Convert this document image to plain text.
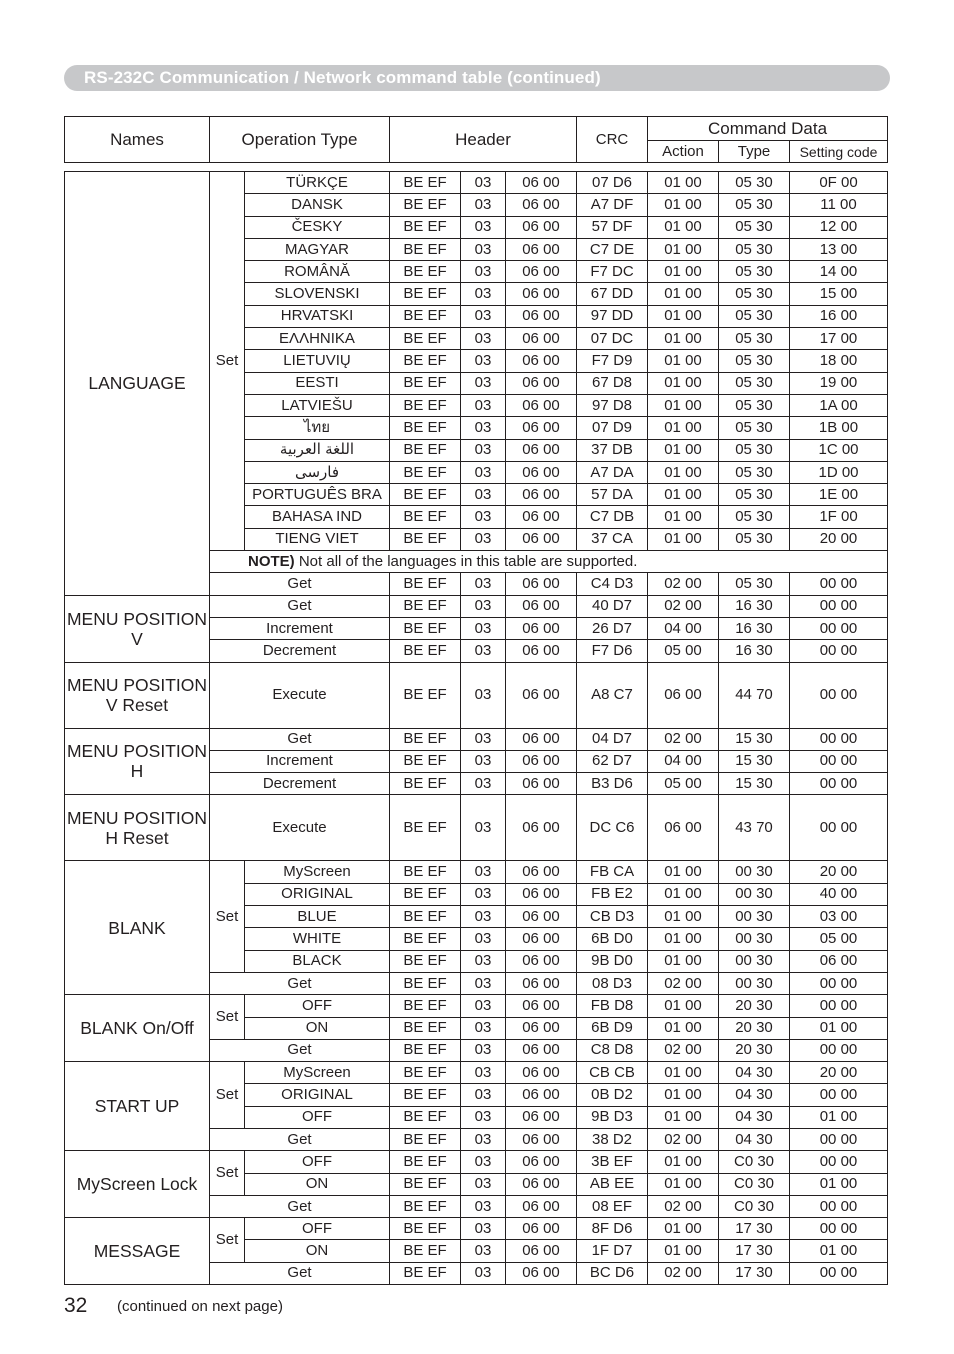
RS-232C Communication / Network command table (continued)
Names	Operation Type	Header	CRC	Command Data		
				Action	Type	Setting code
LANGUAGE	Set	TÜRKÇE	BE EF	03	06 00	07 D6	01 00	05 30	0F 00
		DANSK	BE EF	03	06 00	A7 DF	01 00	05 30	11 00
		ČESKY	BE EF	03	06 00	57 DF	01 00	05 30	12 00
		MAGYAR	BE EF	03	06 00	C7 DE	01 00	05 30	13 00
		ROMÂNĂ	BE EF	03	06 00	F7 DC	01 00	05 30	14 00
		SLOVENSKI	BE EF	03	06 00	67 DD	01 00	05 30	15 00
		HRVATSKI	BE EF	03	06 00	97 DD	01 00	05 30	16 00
		ΕΛΛΗΝΙΚΑ	BE EF	03	06 00	07 DC	01 00	05 30	17 00
		LIETUVIŲ	BE EF	03	06 00	F7 D9	01 00	05 30	18 00
		EESTI	BE EF	03	06 00	67 D8	01 00	05 30	19 00
		LATVIEŠU	BE EF	03	06 00	97 D8	01 00	05 30	1A 00
		ไทย	BE EF	03	06 00	07 D9	01 00	05 30	1B 00
		اللغة العربية	BE EF	03	06 00	37 DB	01 00	05 30	1C 00
		فارسی	BE EF	03	06 00	A7 DA	01 00	05 30	1D 00
		PORTUGUÊS BRA	BE EF	03	06 00	57 DA	01 00	05 30	1E 00
		BAHASA IND	BE EF	03	06 00	C7 DB	01 00	05 30	1F 00
		TIENG VIET	BE EF	03	06 00	37 CA	01 00	05 30	20 00
	NOTE) Not all of the languages in this table are supported.								
	Get		BE EF	03	06 00	C4 D3	02 00	05 30	00 00
MENU POSITION V	Get		BE EF	03	06 00	40 D7	02 00	16 30	00 00
	Increment		BE EF	03	06 00	26 D7	04 00	16 30	00 00
	Decrement		BE EF	03	06 00	F7 D6	05 00	16 30	00 00
MENU POSITION V Reset	Execute		BE EF	03	06 00	A8 C7	06 00	44 70	00 00
MENU POSITION H	Get		BE EF	03	06 00	04 D7	02 00	15 30	00 00
	Increment		BE EF	03	06 00	62 D7	04 00	15 30	00 00
	Decrement		BE EF	03	06 00	B3 D6	05 00	15 30	00 00
MENU POSITION H Reset	Execute		BE EF	03	06 00	DC C6	06 00	43 70	00 00
BLANK	Set	MyScreen	BE EF	03	06 00	FB CA	01 00	00 30	20 00
		ORIGINAL	BE EF	03	06 00	FB E2	01 00	00 30	40 00
		BLUE	BE EF	03	06 00	CB D3	01 00	00 30	03 00
		WHITE	BE EF	03	06 00	6B D0	01 00	00 30	05 00
		BLACK	BE EF	03	06 00	9B D0	01 00	00 30	06 00
	Get		BE EF	03	06 00	08 D3	02 00	00 30	00 00
BLANK On/Off	Set	OFF	BE EF	03	06 00	FB D8	01 00	20 30	00 00
		ON	BE EF	03	06 00	6B D9	01 00	20 30	01 00
	Get		BE EF	03	06 00	C8 D8	02 00	20 30	00 00
START UP	Set	MyScreen	BE EF	03	06 00	CB CB	01 00	04 30	20 00
		ORIGINAL	BE EF	03	06 00	0B D2	01 00	04 30	00 00
		OFF	BE EF	03	06 00	9B D3	01 00	04 30	01 00
	Get		BE EF	03	06 00	38 D2	02 00	04 30	00 00
MyScreen Lock	Set	OFF	BE EF	03	06 00	3B EF	01 00	C0 30	00 00
		ON	BE EF	03	06 00	AB EE	01 00	C0 30	01 00
	Get		BE EF	03	06 00	08 EF	02 00	C0 30	00 00
MESSAGE	Set	OFF	BE EF	03	06 00	8F D6	01 00	17 30	00 00
		ON	BE EF	03	06 00	1F D7	01 00	17 30	01 00
	Get		BE EF	03	06 00	BC D6	02 00	17 30	00 00
32 (continued on next page)
